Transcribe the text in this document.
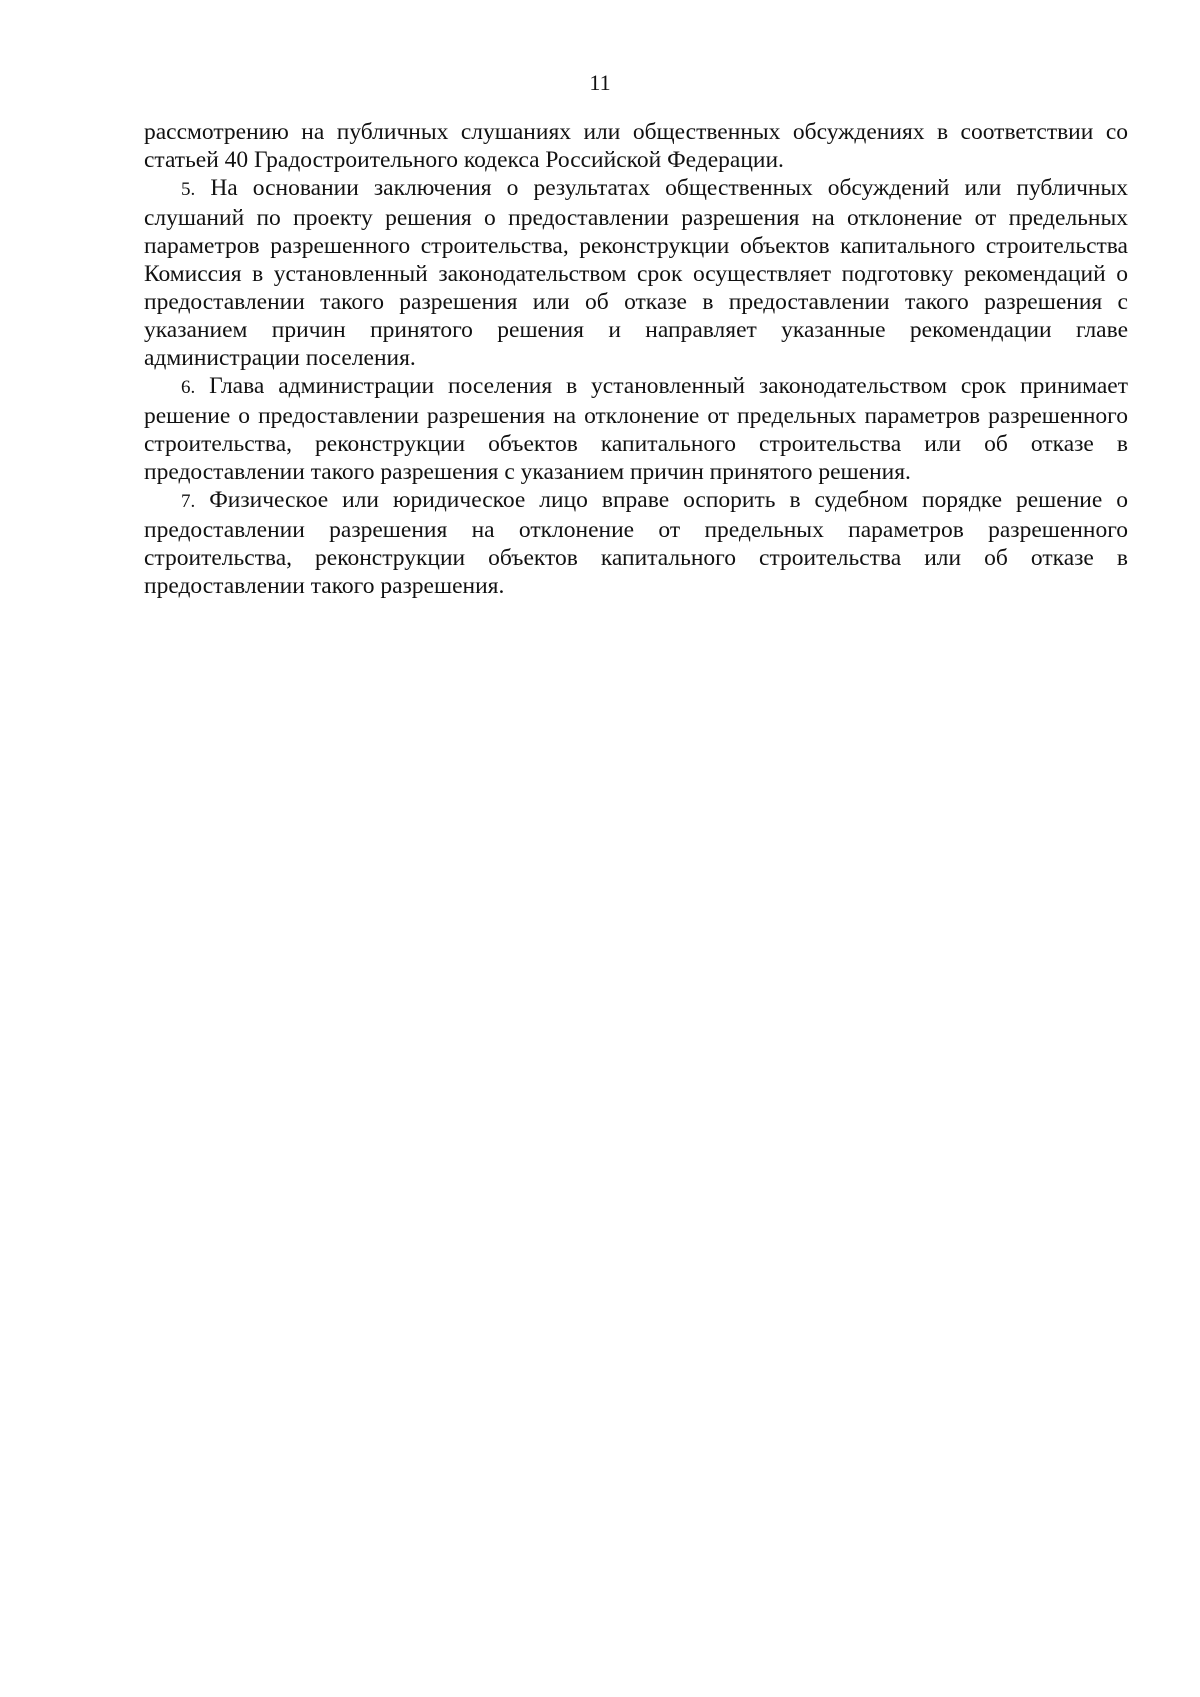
11

рассмотрению на публичных слушаниях или общественных обсуждениях в соответствии со статьей 40 Градостроительного кодекса Российской Федерации.

5. На основании заключения о результатах общественных обсуждений или публичных слушаний по проекту решения о предоставлении разрешения на отклонение от предельных параметров разрешенного строительства, реконструкции объектов капитального строительства Комиссия в установленный законодательством срок осуществляет подготовку рекомендаций о предоставлении такого разрешения или об отказе в предоставлении такого разрешения с указанием причин принятого решения и направляет указанные рекомендации главе администрации поселения.

6. Глава администрации поселения в установленный законодательством срок принимает решение о предоставлении разрешения на отклонение от предельных параметров разрешенного строительства, реконструкции объектов капитального строительства или об отказе в предоставлении такого разрешения с указанием причин принятого решения.

7. Физическое или юридическое лицо вправе оспорить в судебном порядке решение о предоставлении разрешения на отклонение от предельных параметров разрешенного строительства, реконструкции объектов капитального строительства или об отказе в предоставлении такого разрешения.
